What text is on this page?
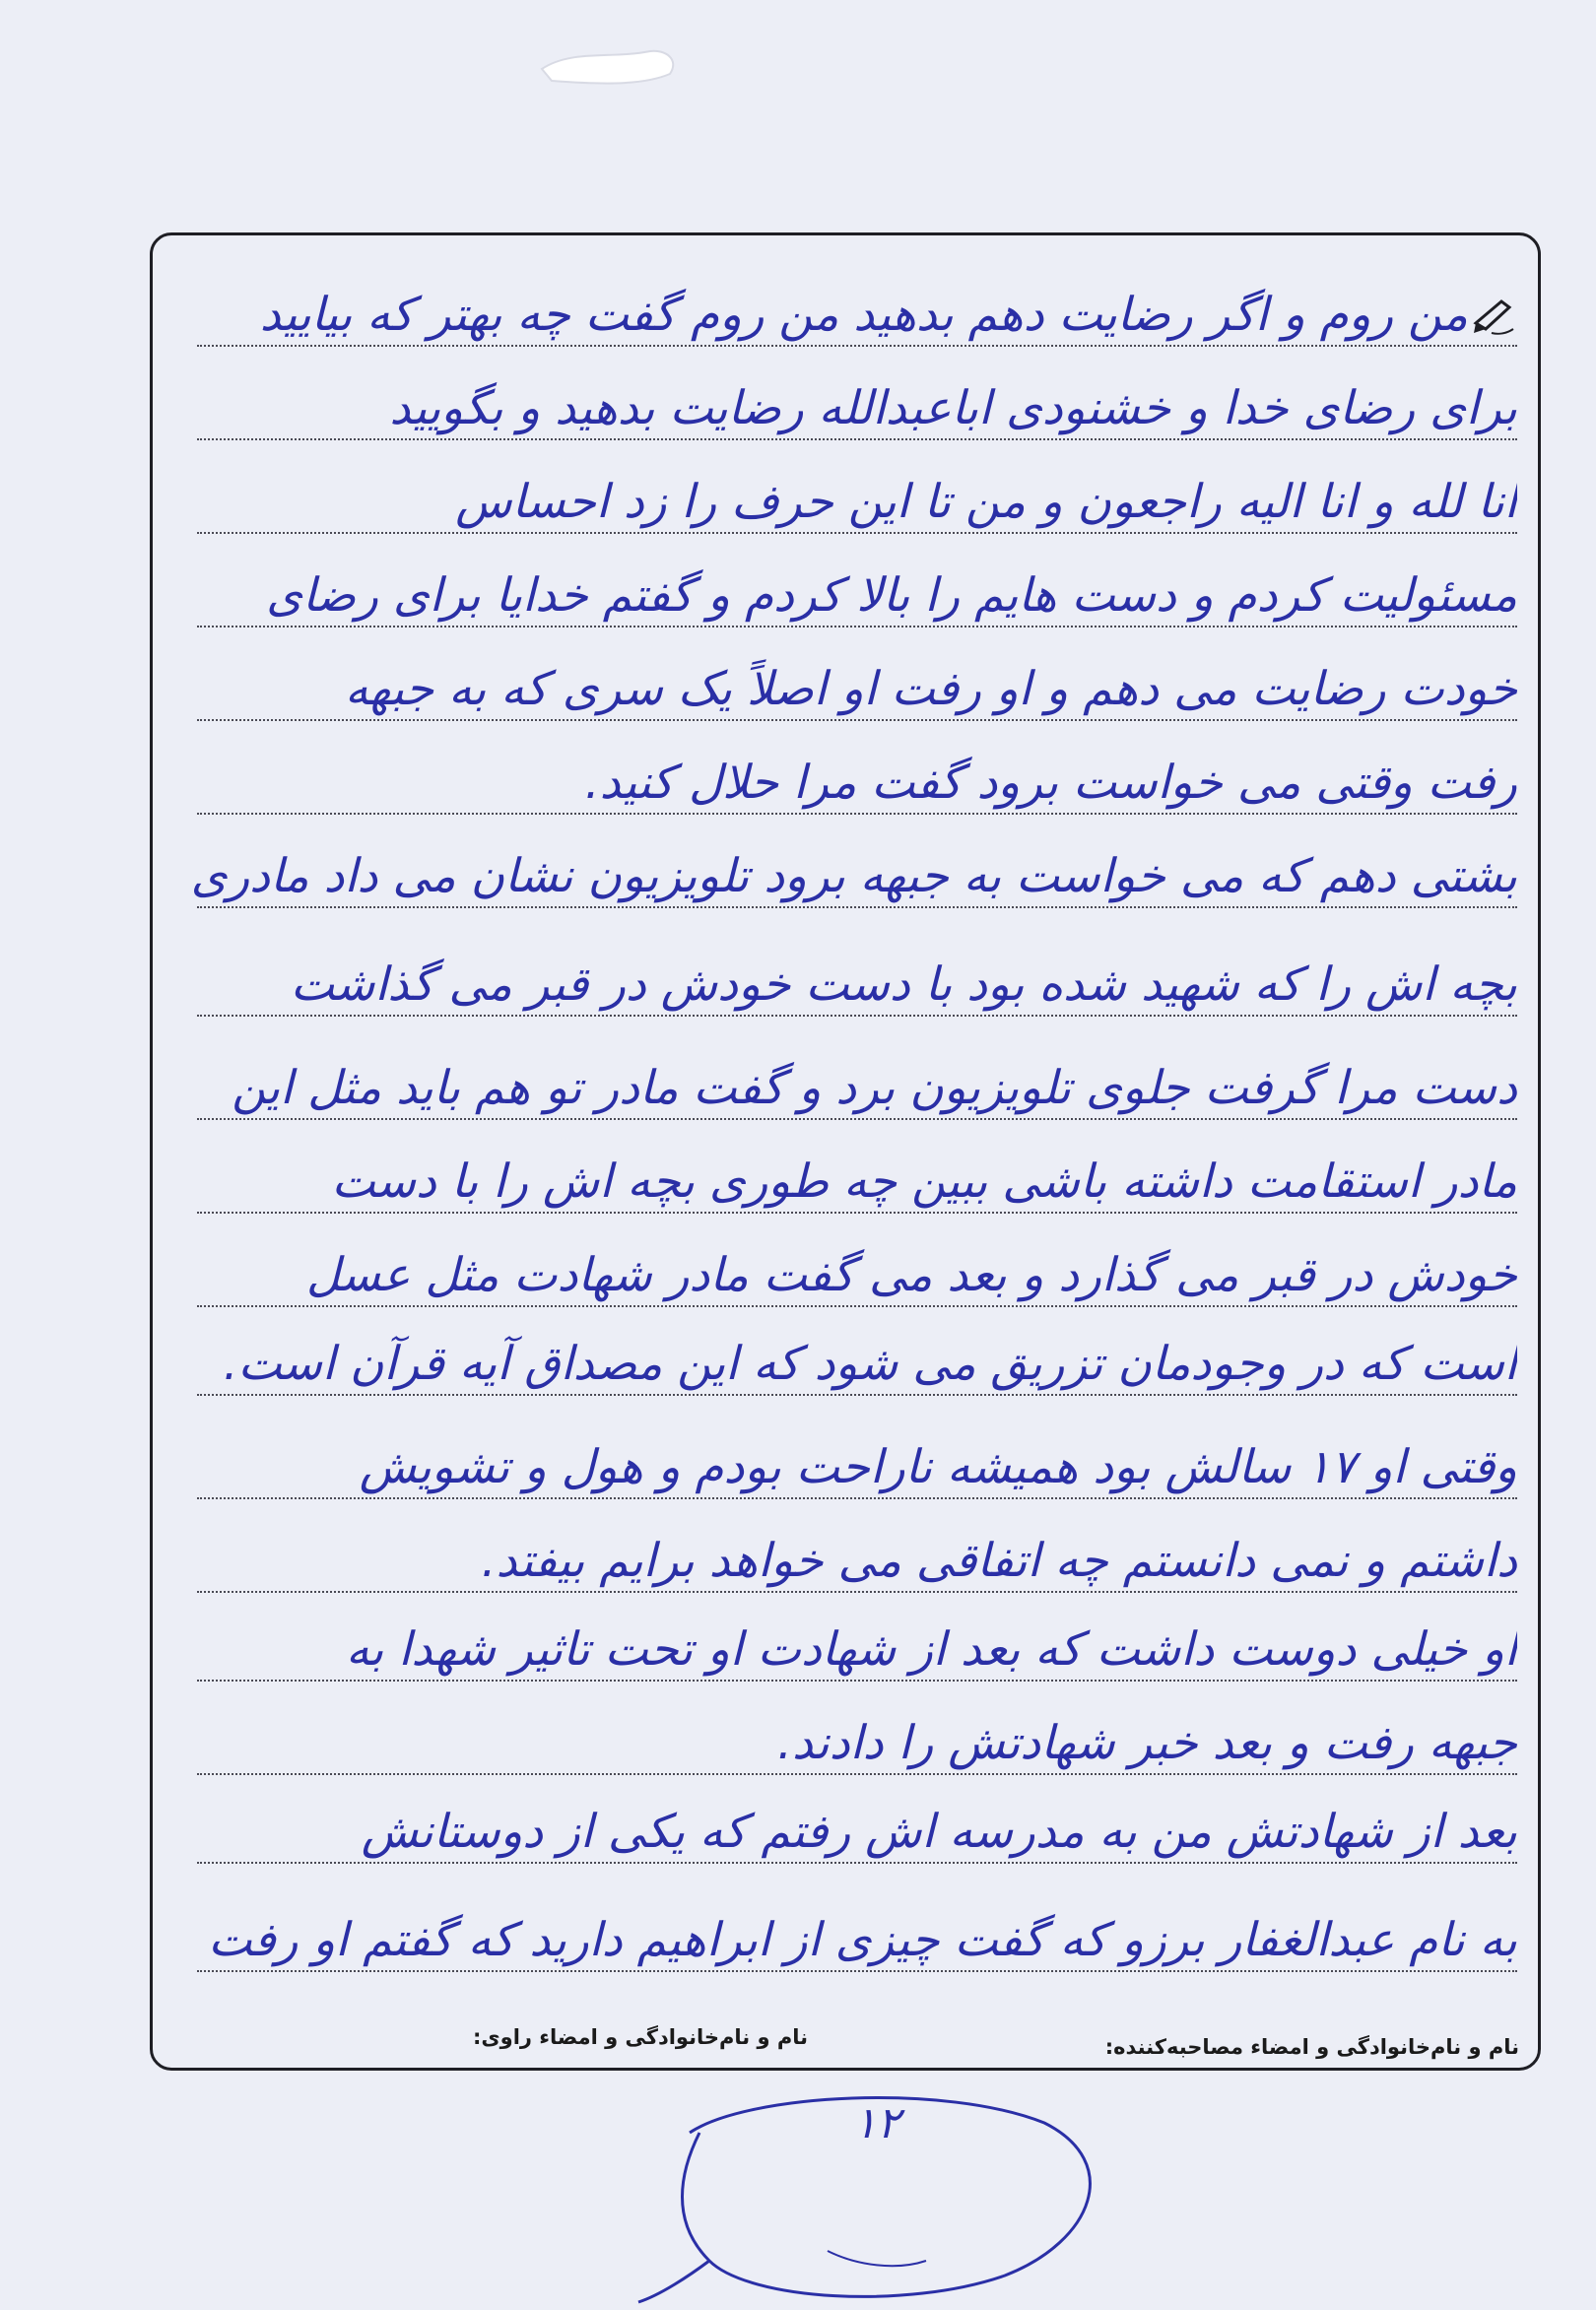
من روم و اگر رضایت دهم بدهید من روم گفت چه بهتر که بیایید
برای رضای خدا و خشنودی اباعبدالله رضایت بدهید و بگویید
انا لله و انا الیه راجعون و من تا این حرف را زد احساس
مسئولیت کردم و دست هایم را بالا کردم و گفتم خدایا برای رضای
خودت رضایت می دهم و او رفت او اصلاً یک سری که به جبهه
رفت وقتی می خواست برود گفت مرا حلال کنید.
بشتی دهم که می خواست به جبهه برود تلویزیون نشان می داد مادری
بچه اش را که شهید شده بود با دست خودش در قبر می گذاشت
دست مرا گرفت جلوی تلویزیون برد و گفت مادر تو هم باید مثل این
مادر استقامت داشته باشی ببین چه طوری بچه اش را با دست
خودش در قبر می گذارد و بعد می گفت مادر شهادت مثل عسل
است که در وجودمان تزریق می شود که این مصداق آیه قرآن است.
وقتی او ۱۷ سالش بود همیشه ناراحت بودم و هول و تشویش
داشتم و نمی دانستم چه اتفاقی می خواهد برایم بیفتد.
او خیلی دوست داشت که بعد از شهادت او تحت تاثیر شهدا به
جبهه رفت و بعد خبر شهادتش را دادند.
بعد از شهادتش من به مدرسه اش رفتم که یکی از دوستانش
به نام عبدالغفار برزو که گفت چیزی از ابراهیم دارید که گفتم او رفت
نام و نام‌خانوادگی و امضاء مصاحبه‌کننده:
نام و نام‌خانوادگی و امضاء راوی:
۱۲
